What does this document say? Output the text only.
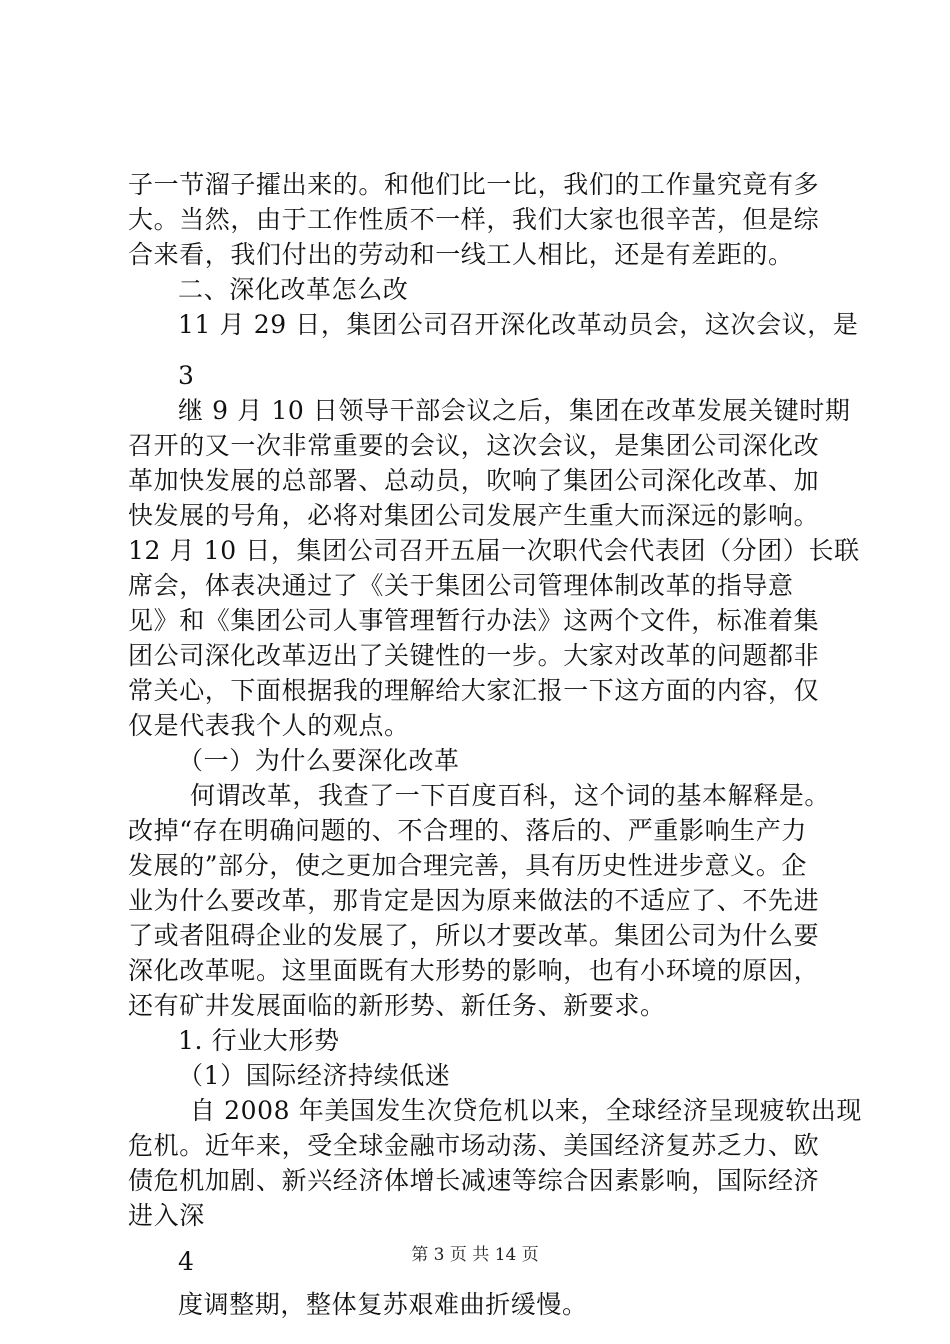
子一节溜子攉出来的。和他们比一比，我们的工作量究竟有多
大。当然，由于工作性质不一样，我们大家也很辛苦，但是综
合来看，我们付出的劳动和一线工人相比，还是有差距的。
二、深化改革怎么改
11 月 29 日，集团公司召开深化改革动员会，这次会议，是
3
继 9 月 10 日领导干部会议之后，集团在改革发展关键时期
召开的又一次非常重要的会议，这次会议，是集团公司深化改
革加快发展的总部署、总动员，吹响了集团公司深化改革、加
快发展的号角，必将对集团公司发展产生重大而深远的影响。
12 月 10 日，集团公司召开五届一次职代会代表团（分团）长联
席会，体表决通过了《关于集团公司管理体制改革的指导意
见》和《集团公司人事管理暂行办法》这两个文件，标准着集
团公司深化改革迈出了关键性的一步。大家对改革的问题都非
常关心，下面根据我的理解给大家汇报一下这方面的内容，仅
仅是代表我个人的观点。
（一）为什么要深化改革
何谓改革，我查了一下百度百科，这个词的基本解释是。
改掉“存在明确问题的、不合理的、落后的、严重影响生产力
发展的”部分，使之更加合理完善，具有历史性进步意义。企
业为什么要改革，那肯定是因为原来做法的不适应了、不先进
了或者阻碍企业的发展了，所以才要改革。集团公司为什么要
深化改革呢。这里面既有大形势的影响，也有小环境的原因，
还有矿井发展面临的新形势、新任务、新要求。
1. 行业大形势
（1）国际经济持续低迷
自 2008 年美国发生次贷危机以来，全球经济呈现疲软出现
危机。近年来，受全球金融市场动荡、美国经济复苏乏力、欧
债危机加剧、新兴经济体增长减速等综合因素影响，国际经济
进入深
4
度调整期，整体复苏艰难曲折缓慢。
第 3 页 共 14 页
